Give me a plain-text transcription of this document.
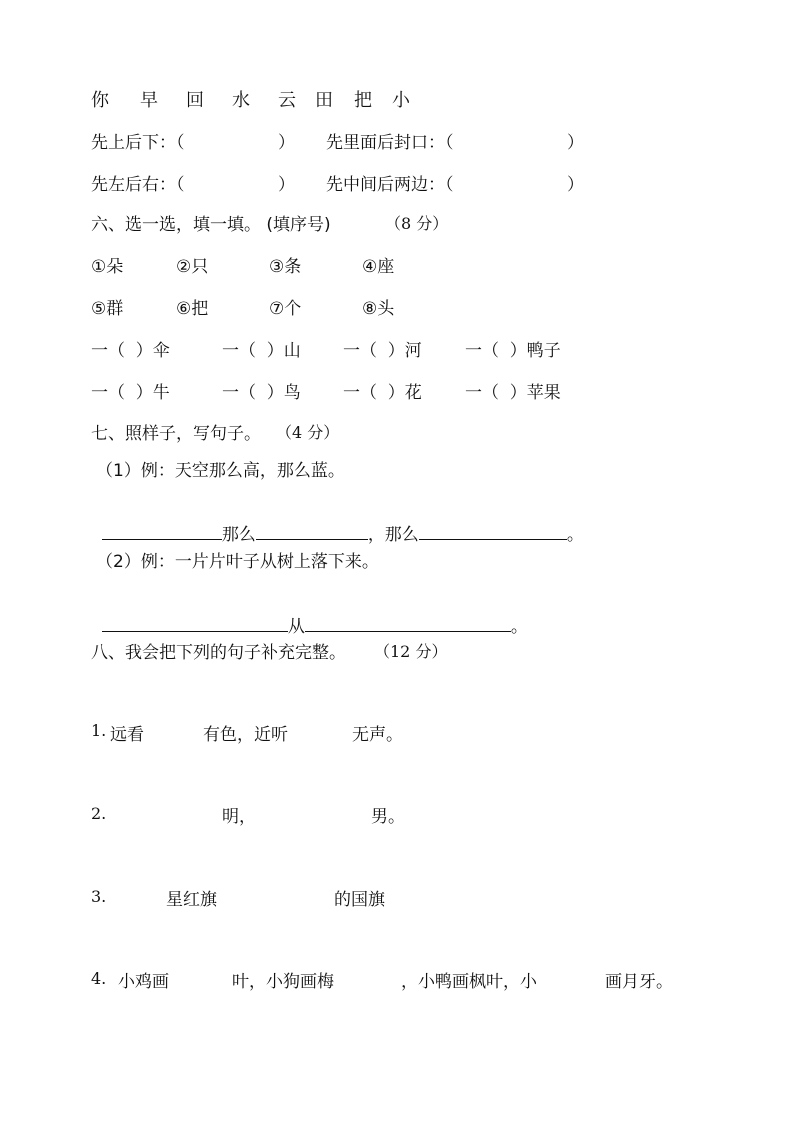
你 早 回 水 云 田 把 小
先上后下：（	） 先里面后封口：（	）
先左后右：（	） 先中间后两边：（	）
六、选一选，填一填。 (填序号)	（8 分）
①朵	②只	③条	④座
⑤群	⑥把	⑦个	⑧头
一（  ）伞	一（  ）山 一（  ）河	一（  ）鸭子
一（  ）牛	一（  ）鸟 一（  ）花	一（  ）苹果
七、照样子，写句子。 （4 分）
（1）例：天空那么高，那么蓝。

那么	，那么	。

（2）例：一片片叶子从树上落下来。

从	。

八、我会把下列的句子补充完整。 （12 分）
1. 远看	有色，近听	无声。
2.	明，	男。
3.	星红旗	的国旗
4. 小鸡画	叶，小狗画梅	，小鸭画枫叶，小	画月牙。
